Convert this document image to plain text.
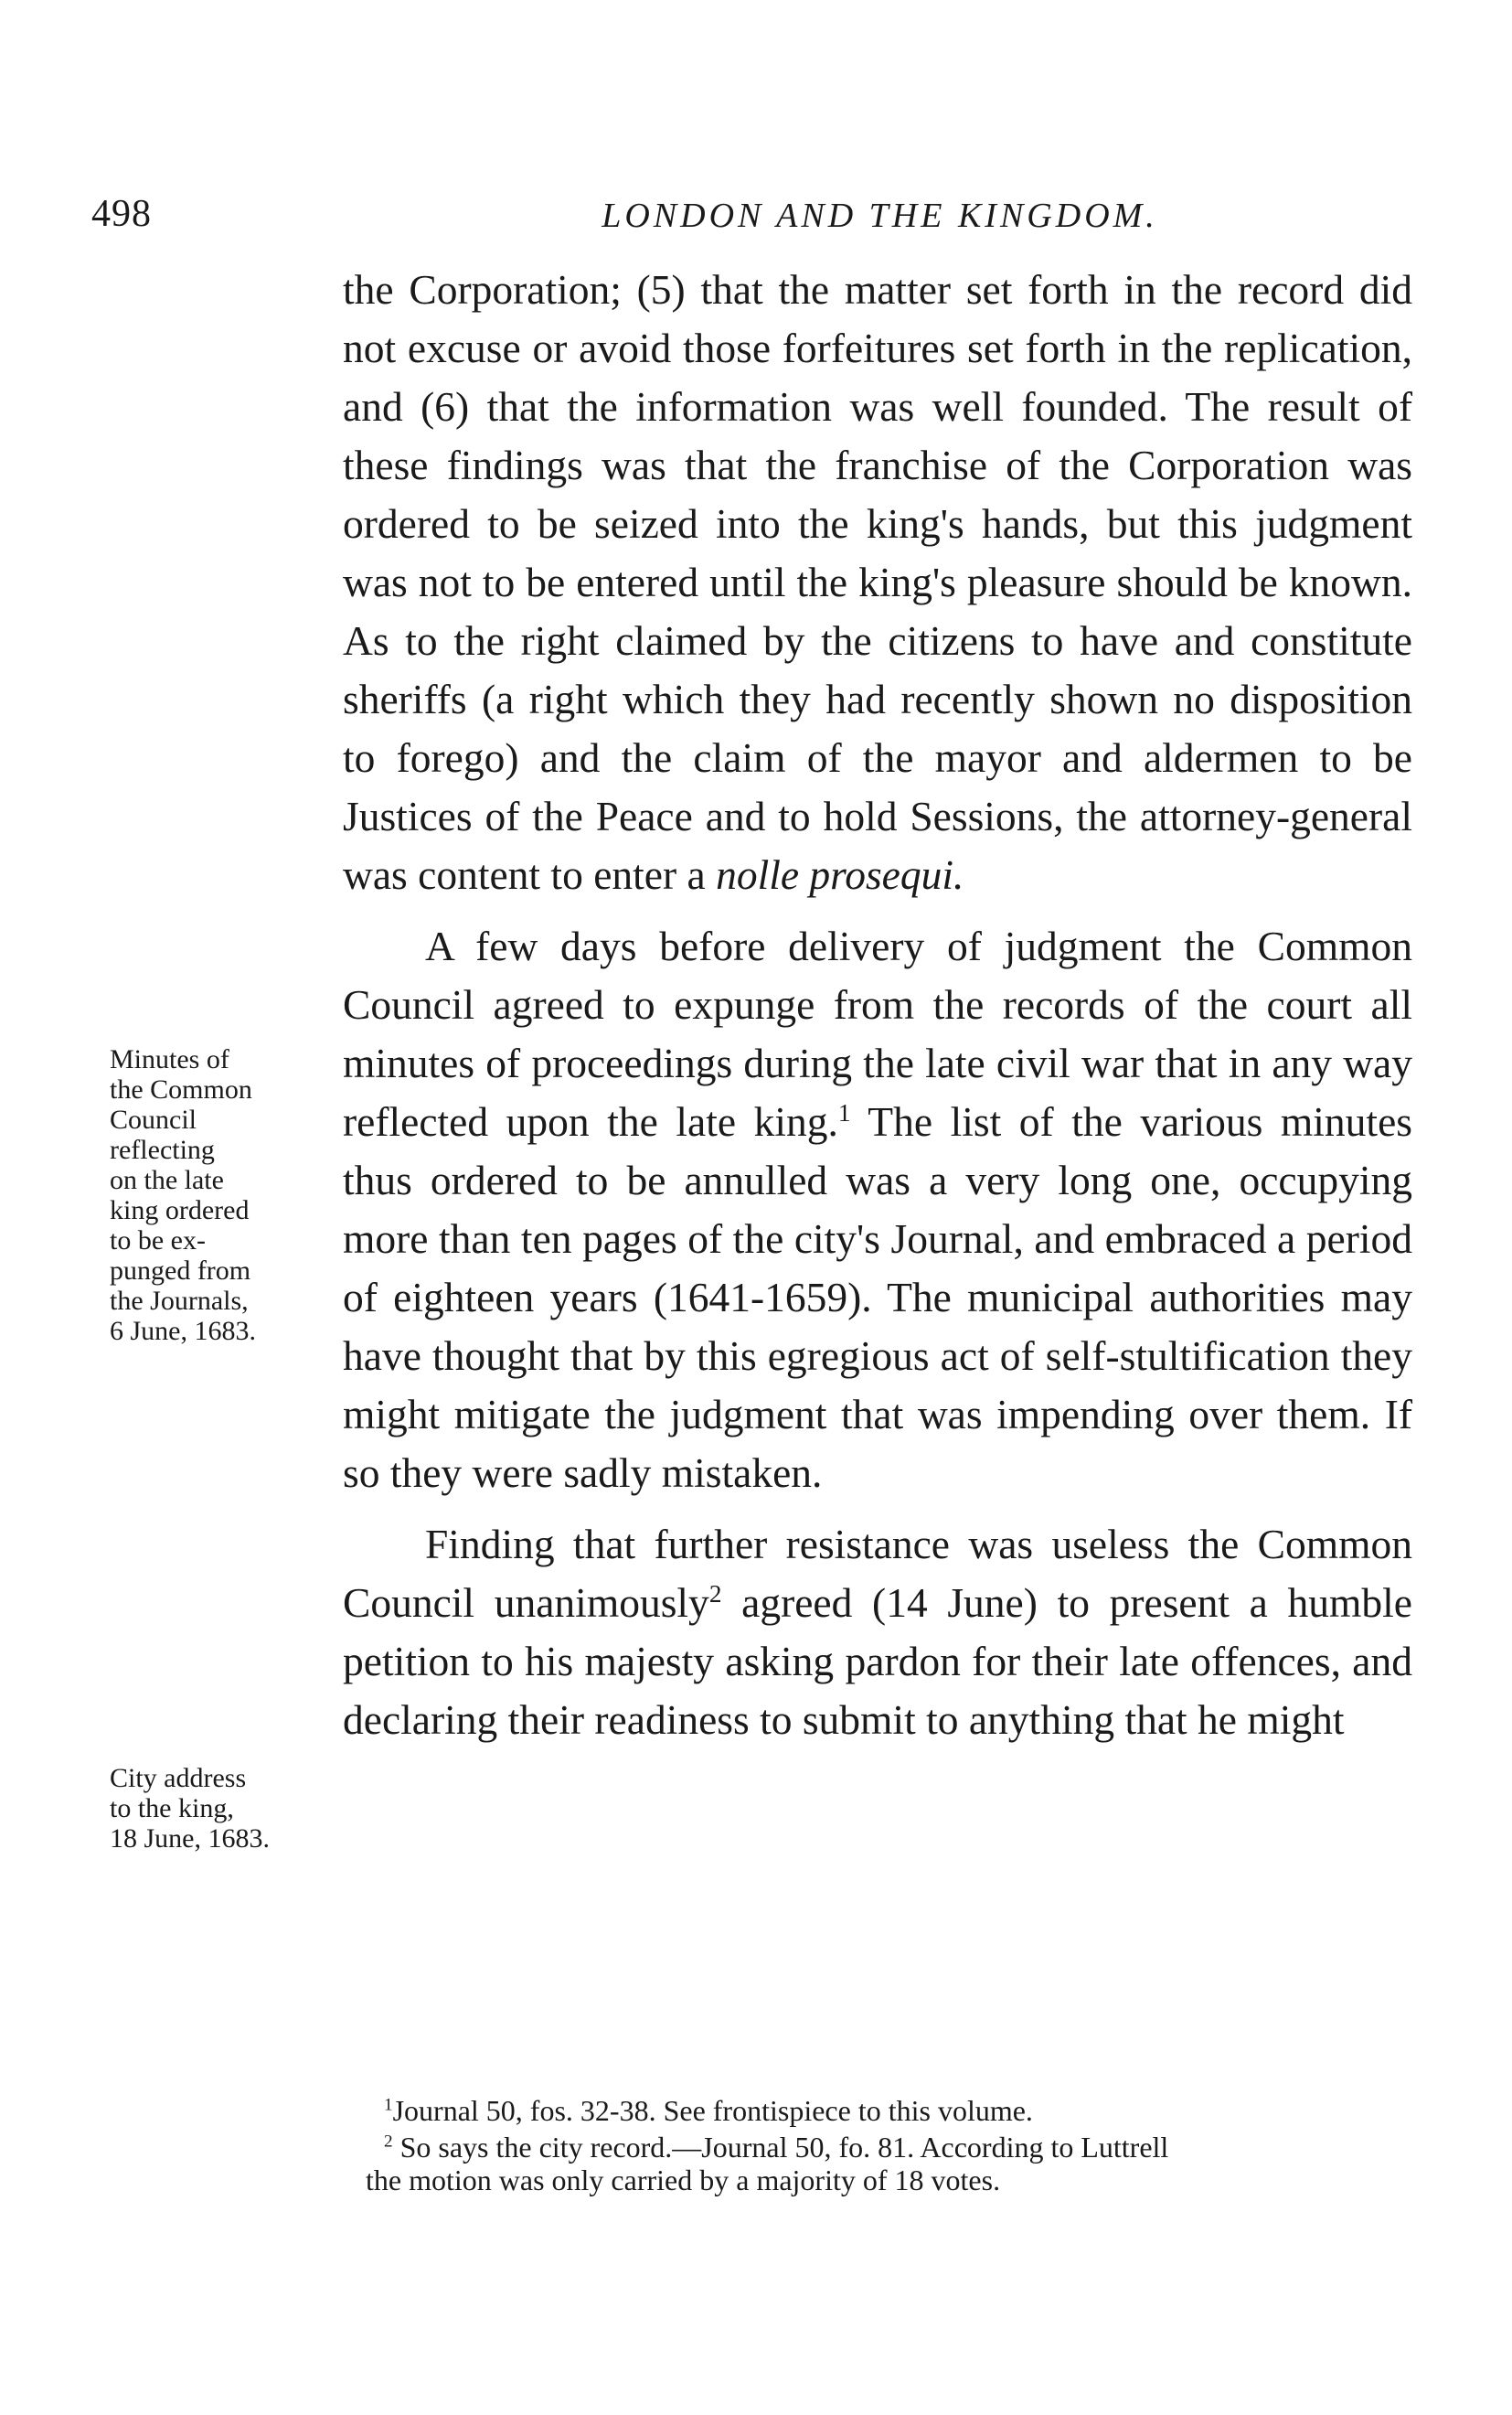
498	LONDON AND THE KINGDOM.

the Corporation; (5) that the matter set forth in the record did not excuse or avoid those forfeitures set forth in the replication, and (6) that the information was well founded. The result of these findings was that the franchise of the Corporation was ordered to be seized into the king's hands, but this judgment was not to be entered until the king's pleasure should be known. As to the right claimed by the citizens to have and constitute sheriffs (a right which they had recently shown no disposition to forego) and the claim of the mayor and aldermen to be Justices of the Peace and to hold Sessions, the attorney-general was content to enter a nolle prosequi.

A few days before delivery of judgment the Common Council agreed to expunge from the records of the court all minutes of proceedings during the late civil war that in any way reflected upon the late king.$^1$ The list of the various minutes thus ordered to be annulled was a very long one, occupying more than ten pages of the city's Journal, and embraced a period of eighteen years (1641-1659). The municipal authorities may have thought that by this egregious act of self-stultification they might mitigate the judgment that was impending over them. If so they were sadly mistaken.

Finding that further resistance was useless the Common Council unanimously$^2$ agreed (14 June) to present a humble petition to his majesty asking pardon for their late offences, and declaring their readiness to submit to anything that he might

Minutes of
the Common
Council
reflecting
on the late
king ordered
to be ex-
punged from
the Journals,
6 June, 1683.
City address
to the king,
18 June, 1683.

$^1$Journal 50, fos. 32-38. See frontispiece to this volume.

$^2$ So says the city record.—Journal 50, fo. 81. According to Luttrell

the motion was only carried by a majority of 18 votes.
